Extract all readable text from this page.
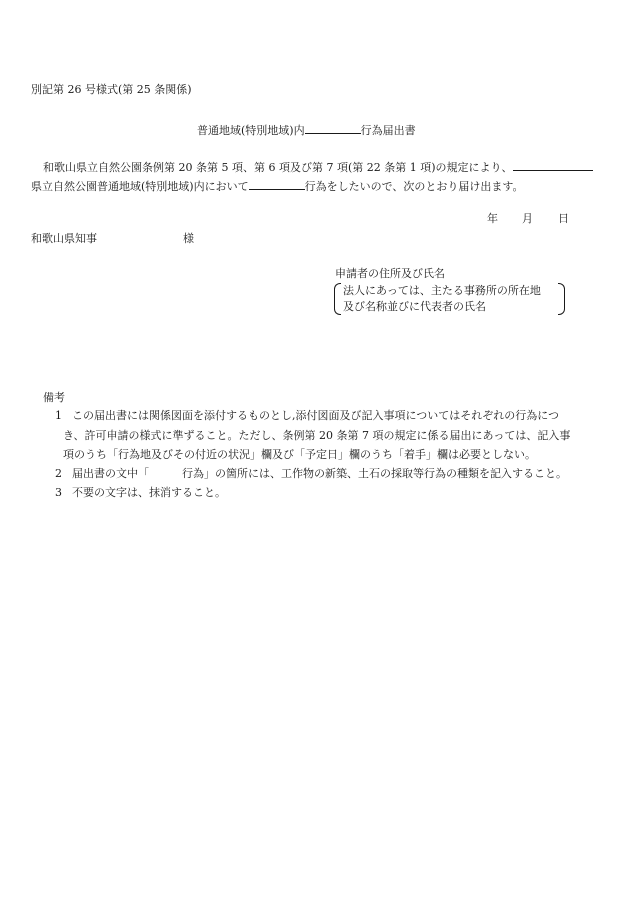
別記第 26 号様式(第 25 条関係)
普通地域(特別地域)内	行為届出書
和歌山県立自然公園条例第 20 条第 5 項、第 6 項及び第 7 項(第 22 条第 1 項)の規定により、
県立自然公園普通地域(特別地域)内において	行為をしたいので、次のとおり届け出ます。
年 月 日
和歌山県知事	様
申請者の住所及び氏名
法人にあっては、主たる事務所の所在地
及び名称並びに代表者の氏名
備考
1 この届出書には関係図面を添付するものとし,添付図面及び記入事項についてはそれぞれの行為につ
き、許可申請の様式に準ずること。ただし、条例第 20 条第 7 項の規定に係る届出にあっては、記入事
項のうち「行為地及びその付近の状況」欄及び「予定日」欄のうち「着手」欄は必要としない。
2 届出書の文中「　　　行為」の箇所には、工作物の新築、土石の採取等行為の種類を記入すること。
3 不要の文字は、抹消すること。
